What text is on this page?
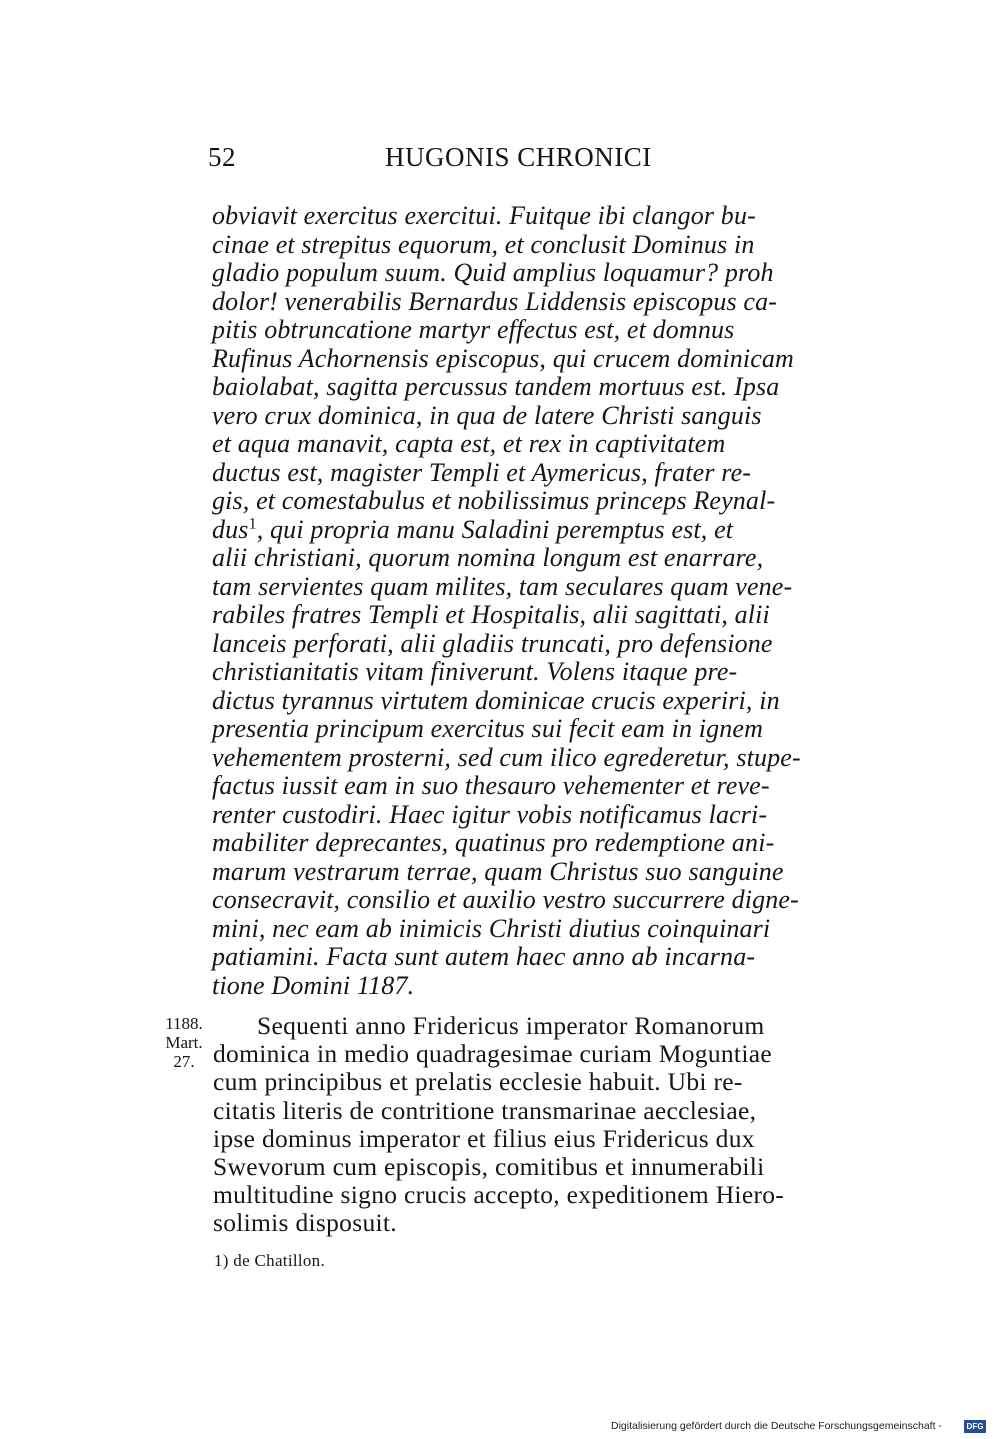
52	HUGONIS CHRONICI
obviavit exercitus exercitui. Fuitque ibi clangor bu-
cinae et strepitus equorum, et conclusit Dominus in
gladio populum suum. Quid amplius loquamur? proh
dolor! venerabilis Bernardus Liddensis episcopus ca-
pitis obtruncatione martyr effectus est, et domnus
Rufinus Achornensis episcopus, qui crucem dominicam
baiolabat, sagitta percussus tandem mortuus est. Ipsa
vero crux dominica, in qua de latere Christi sanguis
et aqua manavit, capta est, et rex in captivitatem
ductus est, magister Templi et Aymericus, frater re-
gis, et comestabulus et nobilissimus princeps Reynal-
dus$^1$, qui propria manu Saladini peremptus est, et
alii christiani, quorum nomina longum est enarrare,
tam servientes quam milites, tam seculares quam vene-
rabiles fratres Templi et Hospitalis, alii sagittati, alii
lanceis perforati, alii gladiis truncati, pro defensione
christianitatis vitam finiverunt. Volens itaque pre-
dictus tyrannus virtutem dominicae crucis experiri, in
presentia principum exercitus sui fecit eam in ignem
vehementem prosterni, sed cum ilico egrederetur, stupe-
factus iussit eam in suo thesauro vehementer et reve-
renter custodiri. Haec igitur vobis notificamus lacri-
mabiliter deprecantes, quatinus pro redemptione ani-
marum vestrarum terrae, quam Christus suo sanguine
consecravit, consilio et auxilio vestro succurrere digne-
mini, nec eam ab inimicis Christi diutius coinquinari
patiamini. Facta sunt autem haec anno ab incarna-
tione Domini 1187.
1188.
Mart.
27.
Sequenti anno Fridericus imperator Romanorum
dominica in medio quadragesimae curiam Moguntiae
cum principibus et prelatis ecclesie habuit. Ubi re-
citatis literis de contritione transmarinae aecclesiae,
ipse dominus imperator et filius eius Fridericus dux
Swevorum cum episcopis, comitibus et innumerabili
multitudine signo crucis accepto, expeditionem Hiero-
solimis disposuit.
1) de Chatillon.
Digitalisierung gefördert durch die Deutsche Forschungsgemeinschaft -	DFG
